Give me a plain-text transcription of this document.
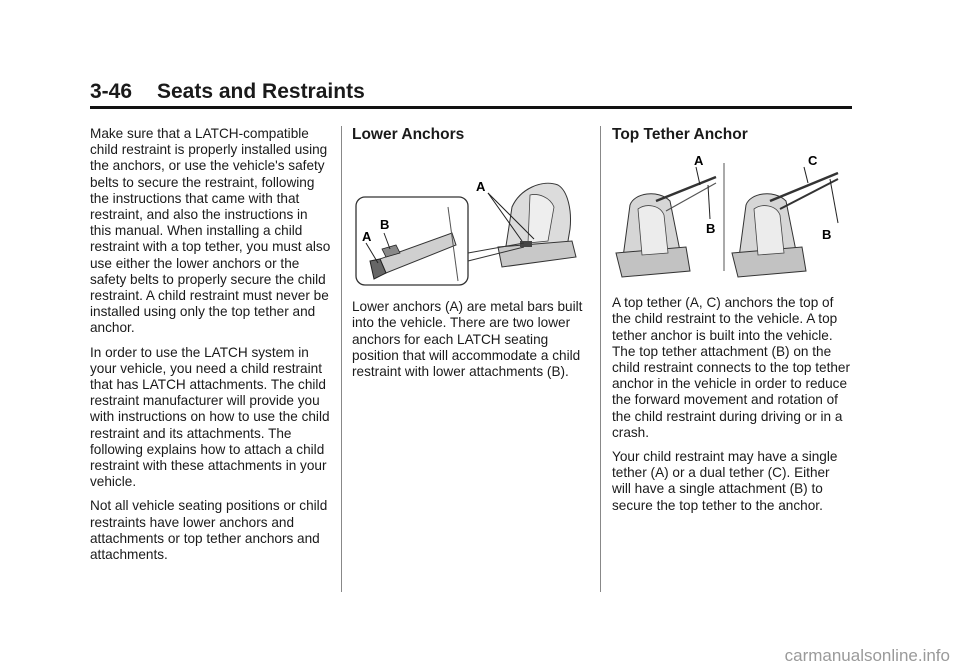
3-46 Seats and Restraints

Make sure that a LATCH-compatible child restraint is properly installed using the anchors, or use the vehicle's safety belts to secure the restraint, following the instructions that came with that restraint, and also the instructions in this manual. When installing a child restraint with a top tether, you must also use either the lower anchors or the safety belts to properly secure the child restraint. A child restraint must never be installed using only the top tether and anchor.

In order to use the LATCH system in your vehicle, you need a child restraint that has LATCH attachments. The child restraint manufacturer will provide you with instructions on how to use the child restraint and its attachments. The following explains how to attach a child restraint with these attachments in your vehicle.

Not all vehicle seating positions or child restraints have lower anchors and attachments or top tether anchors and attachments.

Lower Anchors
A
B
A

Lower anchors (A) are metal bars built into the vehicle. There are two lower anchors for each LATCH seating position that will accommodate a child restraint with lower attachments (B).

Top Tether Anchor
A
B
C
B

A top tether (A, C) anchors the top of the child restraint to the vehicle. A top tether anchor is built into the vehicle. The top tether attachment (B) on the child restraint connects to the top tether anchor in the vehicle in order to reduce the forward movement and rotation of the child restraint during driving or in a crash.

Your child restraint may have a single tether (A) or a dual tether (C). Either will have a single attachment (B) to secure the top tether to the anchor.

carmanualsonline.info
